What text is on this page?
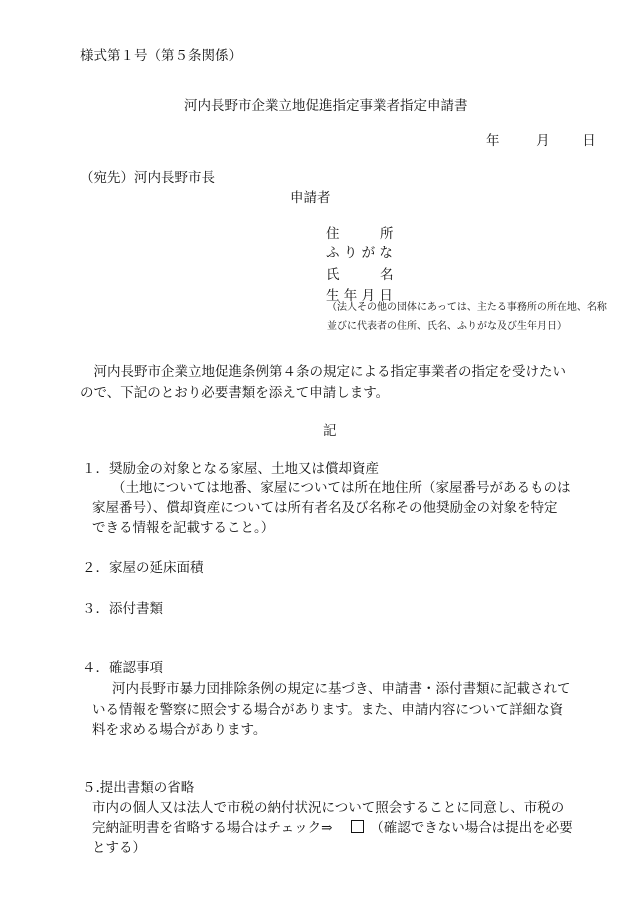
様式第１号（第５条関係）
河内長野市企業立地促進指定事業者指定申請書
年	月 日
（宛先）河内長野市長
申請者
住　　　所
ふ り が な
氏　　　名
生 年 月 日
（法人その他の団体にあっては、主たる事務所の所在地、名称
並びに代表者の住所、氏名、ふりがな及び生年月日）
　河内長野市企業立地促進条例第４条の規定による指定事業者の指定を受けたい
ので、下記のとおり必要書類を添えて申請します。
記
１．奨励金の対象となる家屋、土地又は償却資産
（土地については地番、家屋については所在地住所（家屋番号があるものは
家屋番号）、償却資産については所有者名及び名称その他奨励金の対象を特定
できる情報を記載すること。）
２．家屋の延床面積
３．添付書類
４．確認事項
河内長野市暴力団排除条例の規定に基づき、申請書・添付書類に記載されて
いる情報を警察に照会する場合があります。また、申請内容について詳細な資
料を求める場合があります。
５.提出書類の省略
市内の個人又は法人で市税の納付状況について照会することに同意し、市税の
完納証明書を省略する場合はチェック⇒	（確認できない場合は提出を必要
とする）
